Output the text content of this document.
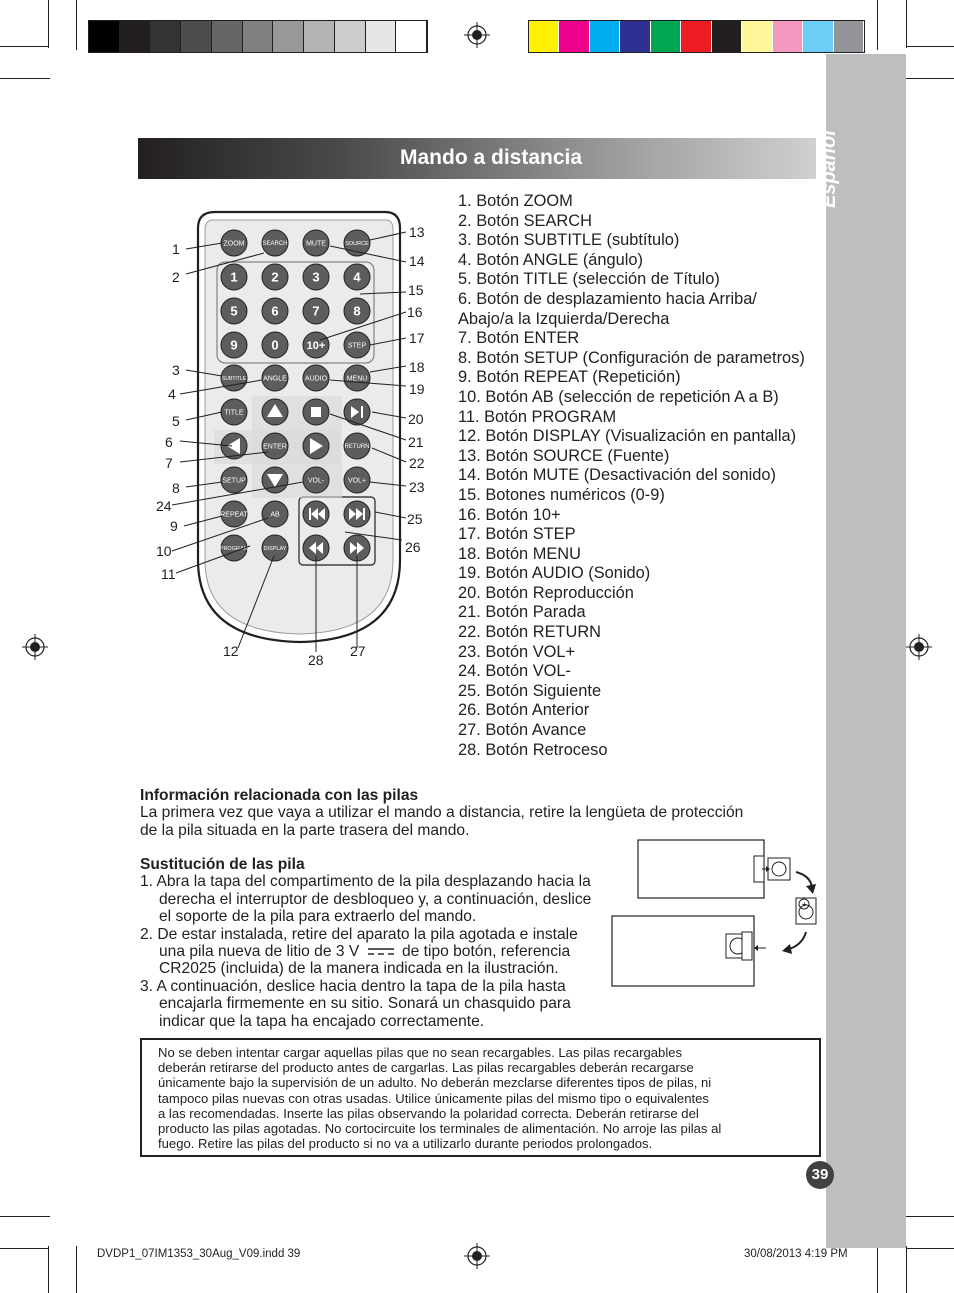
Español
Mando a distancia
ZOOM	SEARCH	MUTE	SOURCE
1	2	3	4
5	6	7	8
9	0	10+	STEP
SUBTITLE ANGLE	AUDIO	MENU
TITLE
ENTER	RETURN
SETUP	VOL-	VOL+
REPEAT	AB
PROGRAM	DISPLAY
1
2
3
4
5
6
7
8
24
9
10
11
12
28
27
13
14
15
16
17
18
19
20
21
22
23
25
26
1. Botón ZOOM
2. Botón SEARCH
3. Botón SUBTITLE (subtítulo)
4. Botón ANGLE (ángulo)
5. Botón TITLE (selección de Título)
6. Botón de desplazamiento hacia Arriba/
Abajo/a la Izquierda/Derecha
7. Botón ENTER
8. Botón SETUP (Configuración de parametros)
9. Botón REPEAT (Repetición)
10. Botón AB (selección de repetición A a B)
11. Botón PROGRAM
12. Botón DISPLAY (Visualización en pantalla)
13. Botón SOURCE (Fuente)
14. Botón MUTE (Desactivación del sonido)
15. Botones numéricos (0-9)
16. Botón 10+
17. Botón STEP
18. Botón MENU
19. Botón AUDIO (Sonido)
20. Botón Reproducción
21. Botón Parada
22. Botón RETURN
23. Botón VOL+
24. Botón VOL-
25. Botón Siguiente
26. Botón Anterior
27. Botón Avance
28. Botón Retroceso
Información relacionada con las pilas
La primera vez que vaya a utilizar el mando a distancia, retire la lengüeta de protección
de la pila situada en la parte trasera del mando.
Sustitución de las pila
1. Abra la tapa del compartimento de la pila desplazando hacia la
derecha el interruptor de desbloqueo y, a continuación, deslice
el soporte de la pila para extraerlo del mando.
2. De estar instalada, retire del aparato la pila agotada e instale
una pila nueva de litio de 3 V	de tipo botón, referencia
CR2025 (incluida) de la manera indicada en la ilustración.
3. A continuación, deslice hacia dentro la tapa de la pila hasta
encajarla firmemente en su sitio. Sonará un chasquido para
indicar que la tapa ha encajado correctamente.
+
No se deben intentar cargar aquellas pilas que no sean recargables. Las pilas recargables
deberán retirarse del producto antes de cargarlas. Las pilas recargables deberán recargarse
únicamente bajo la supervisión de un adulto. No deberán mezclarse diferentes tipos de pilas, ni
tampoco pilas nuevas con otras usadas. Utilice únicamente pilas del mismo tipo o equivalentes
a las recomendadas. Inserte las pilas observando la polaridad correcta. Deberán retirarse del
producto las pilas agotadas. No cortocircuite los terminales de alimentación. No arroje las pilas al
fuego. Retire las pilas del producto si no va a utilizarlo durante periodos prolongados.
39
DVDP1_07IM1353_30Aug_V09.indd 39	30/08/2013 4:19 PM
